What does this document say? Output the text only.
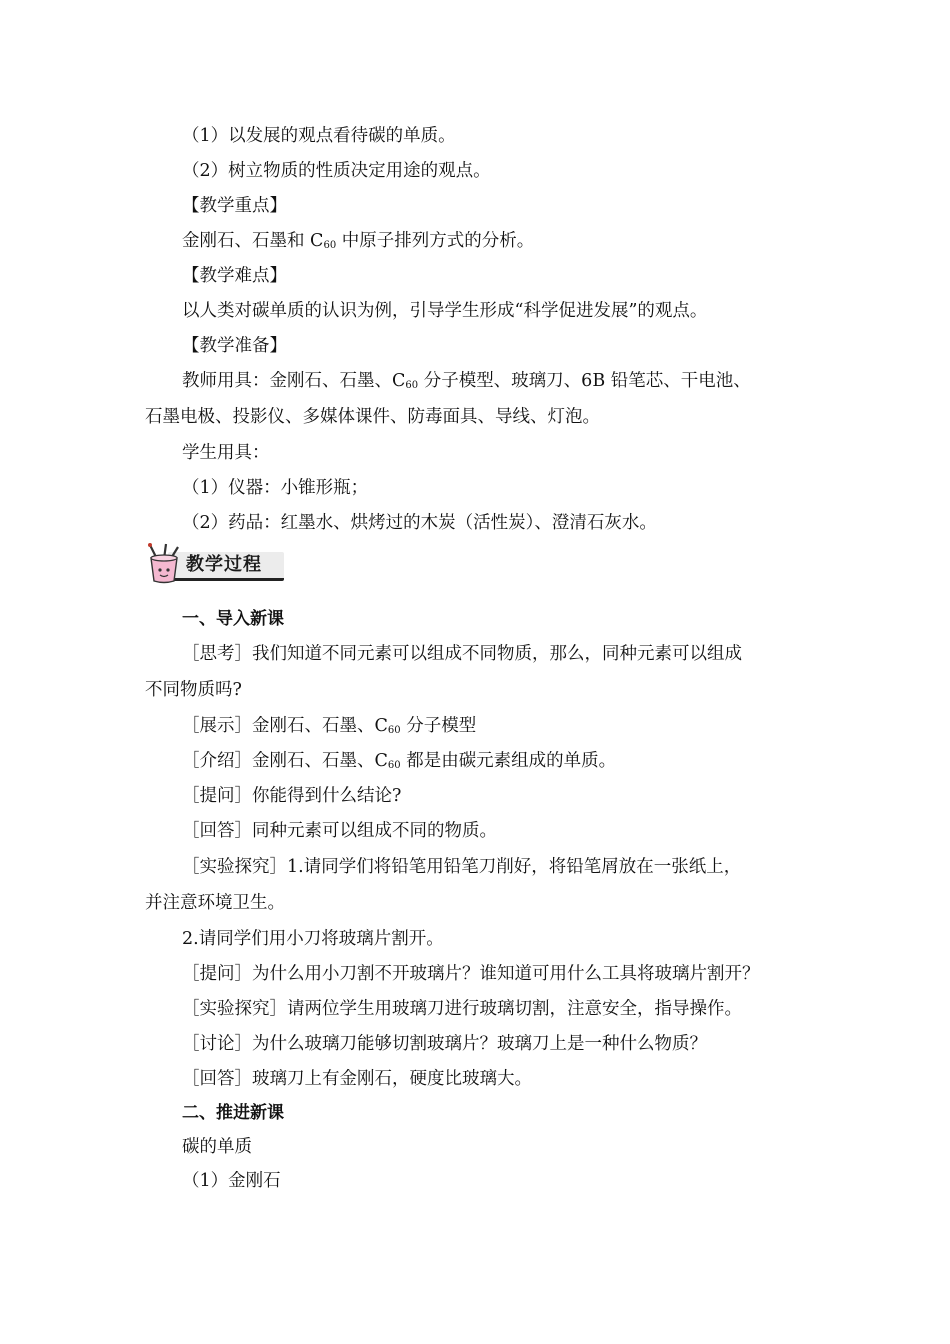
（1）以发展的观点看待碳的单质。
（2）树立物质的性质决定用途的观点。
【教学重点】
金刚石、石墨和 $C_{60}$ 中原子排列方式的分析。
【教学难点】
以人类对碳单质的认识为例，引导学生形成“科学促进发展”的观点。
【教学准备】
教师用具：金刚石、石墨、$C_{60}$ 分子模型、玻璃刀、6B 铅笔芯、干电池、
石墨电极、投影仪、多媒体课件、防毒面具、导线、灯泡。
学生用具：
（1）仪器：小锥形瓶；
（2）药品：红墨水、烘烤过的木炭（活性炭）、澄清石灰水。
教学过程
一、导入新课
［思考］我们知道不同元素可以组成不同物质，那么，同种元素可以组成
不同物质吗?
［展示］金刚石、石墨、$C_{60}$ 分子模型
［介绍］金刚石、石墨、$C_{60}$ 都是由碳元素组成的单质。
［提问］你能得到什么结论?
［回答］同种元素可以组成不同的物质。
［实验探究］1.请同学们将铅笔用铅笔刀削好，将铅笔屑放在一张纸上，
并注意环境卫生。
2.请同学们用小刀将玻璃片割开。
［提问］为什么用小刀割不开玻璃片？谁知道可用什么工具将玻璃片割开？
［实验探究］请两位学生用玻璃刀进行玻璃切割，注意安全，指导操作。
［讨论］为什么玻璃刀能够切割玻璃片？玻璃刀上是一种什么物质？
［回答］玻璃刀上有金刚石，硬度比玻璃大。
二、推进新课
碳的单质
（1）金刚石
